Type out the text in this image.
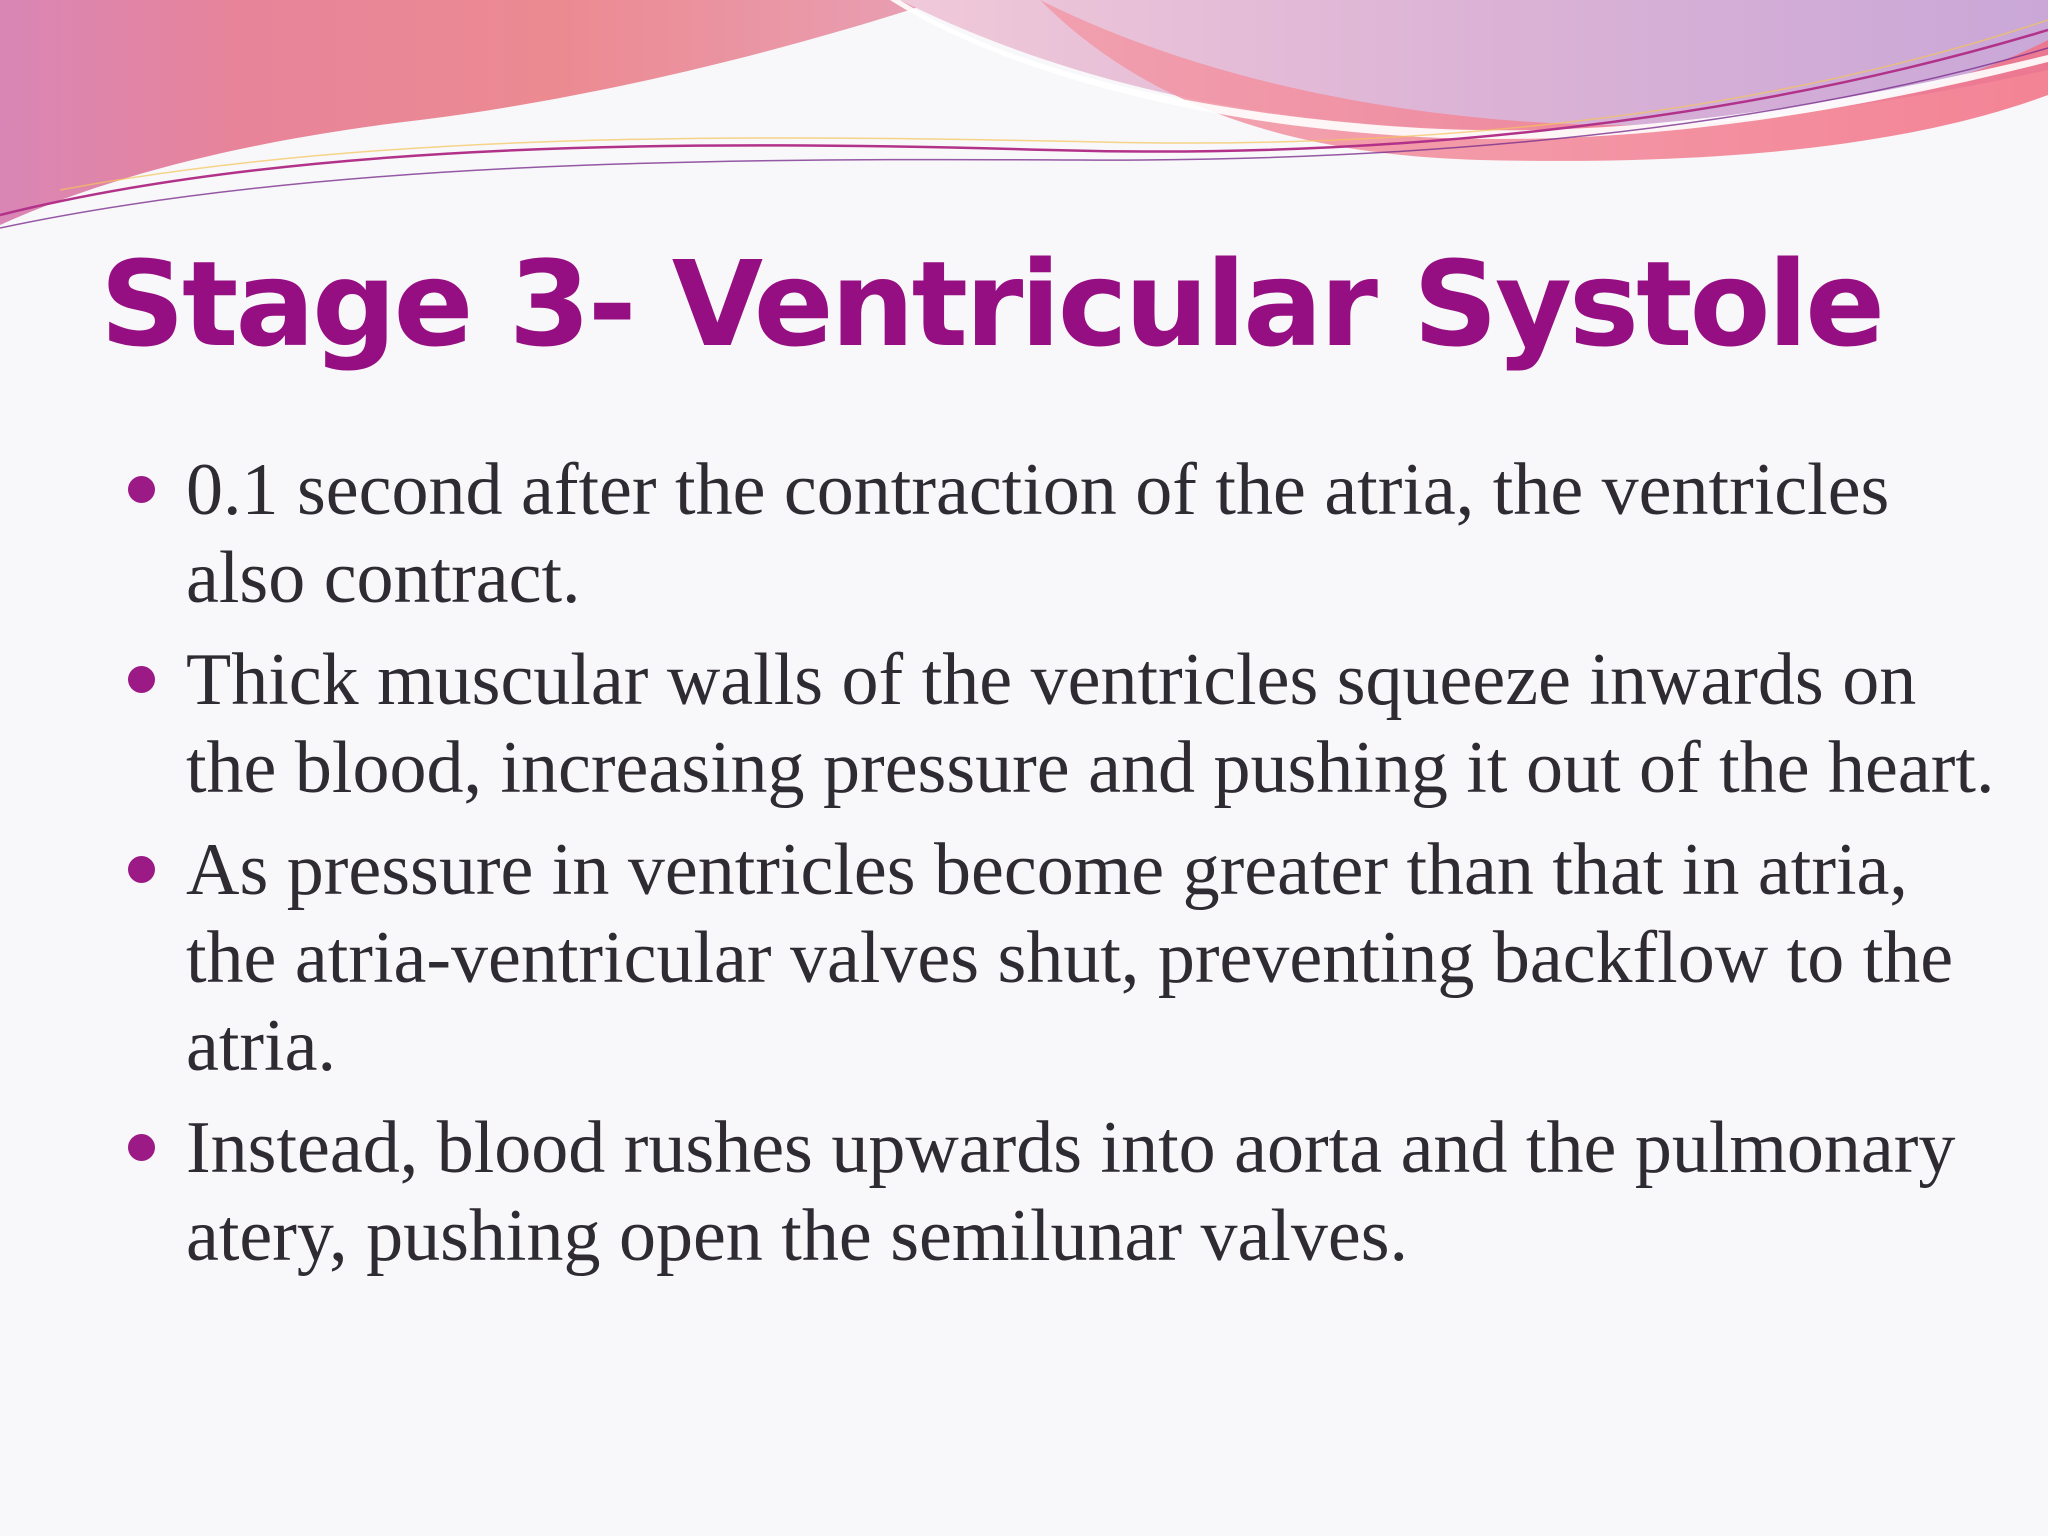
Stage 3- Ventricular Systole
0.1 second after the contraction of the atria, the ventricles also contract.
Thick muscular walls of the ventricles squeeze inwards on the blood, increasing pressure and pushing it out of the heart.
As pressure in ventricles become greater than that in atria, the atria-ventricular valves shut, preventing backflow to the atria.
Instead, blood rushes upwards into aorta and the pulmonary atery, pushing open the semilunar valves.
